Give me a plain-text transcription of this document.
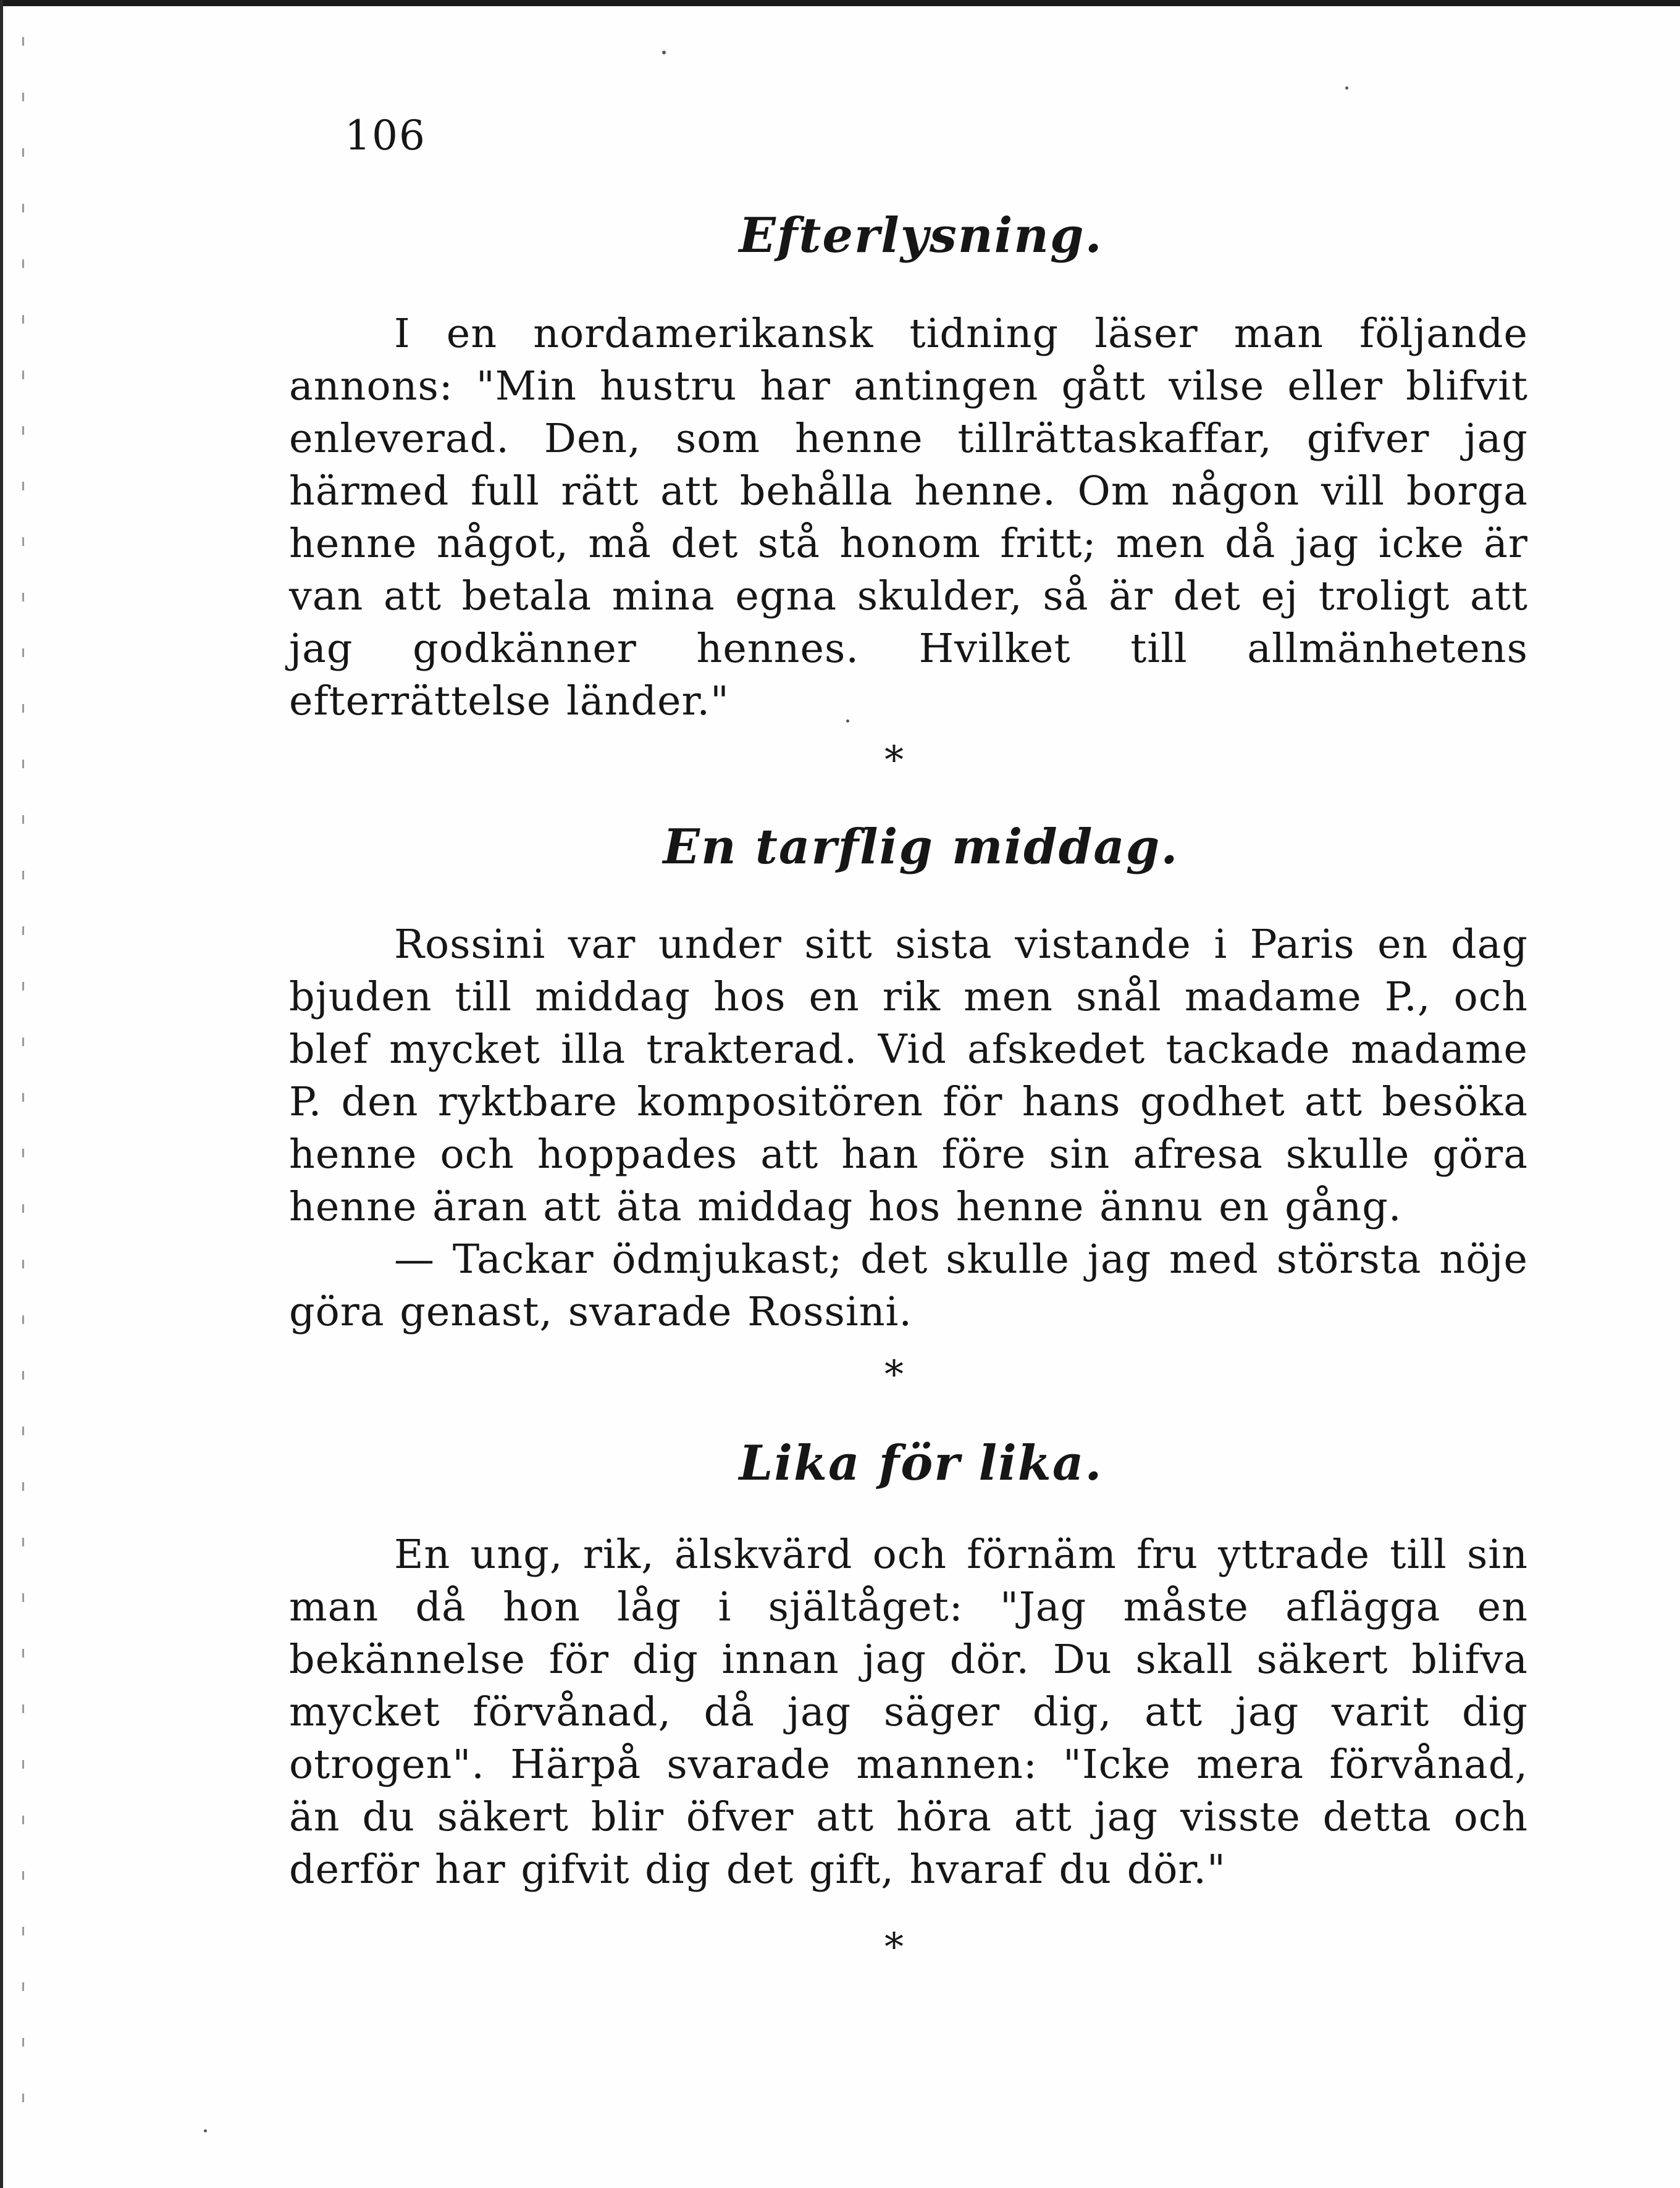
106
Efterlysning.

I en nordamerikansk tidning läser man följande annons: "Min hustru har antingen gått vilse eller blifvit enleverad. Den, som henne tillrättaskaffar, gifver jag härmed full rätt att behålla henne. Om någon vill borga henne något, må det stå honom fritt; men då jag icke är van att betala mina egna skulder, så är det ej troligt att jag godkänner hennes. Hvilket till allmänhetens efterrättelse länder."

*
En tarflig middag.

Rossini var under sitt sista vistande i Paris en dag bjuden till middag hos en rik men snål madame P., och blef mycket illa trakterad. Vid afskedet tackade madame P. den ryktbare kompositören för hans godhet att besöka henne och hoppades att han före sin afresa skulle göra henne äran att äta middag hos henne ännu en gång.

— Tackar ödmjukast; det skulle jag med största nöje göra genast, svarade Rossini.

*
Lika för lika.

En ung, rik, älskvärd och förnäm fru yttrade till sin man då hon låg i själtåget: "Jag måste aflägga en bekännelse för dig innan jag dör. Du skall säkert blifva mycket förvånad, då jag säger dig, att jag varit dig otrogen". Härpå svarade mannen: "Icke mera förvånad, än du säkert blir öfver att höra att jag visste detta och derför har gifvit dig det gift, hvaraf du dör."

*
